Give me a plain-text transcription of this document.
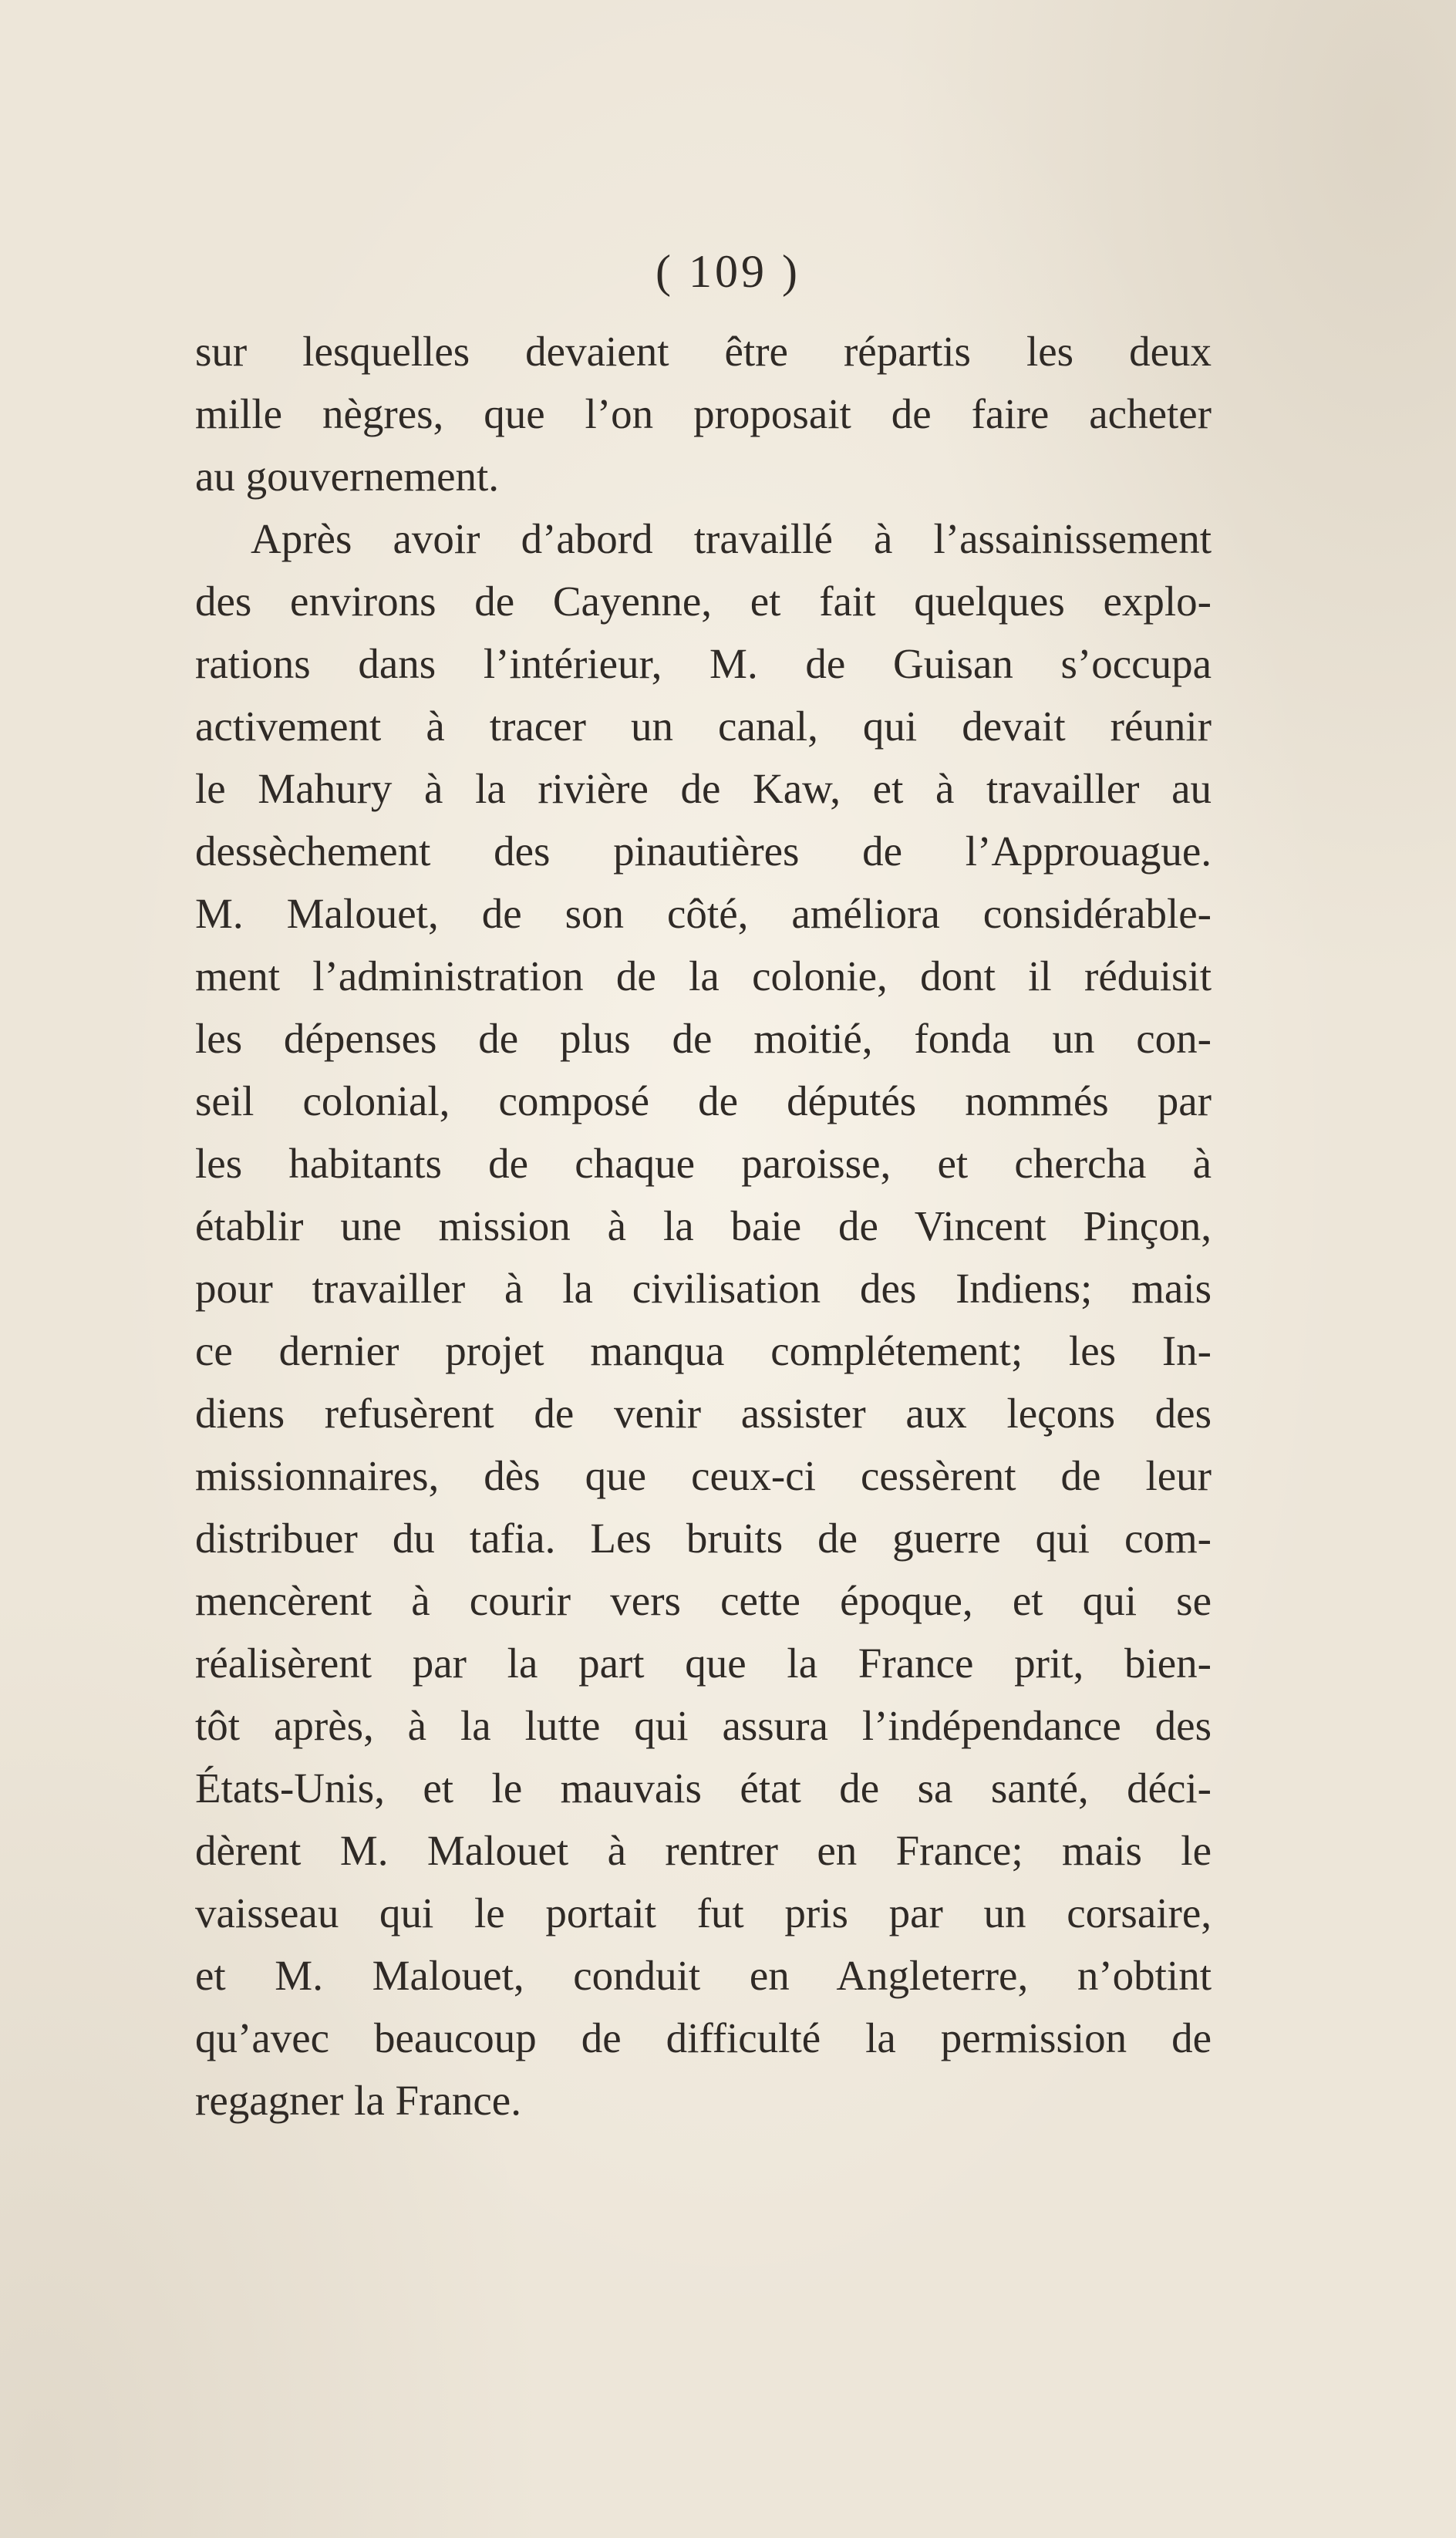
( 109 )
sur lesquelles devaient être répartis les deux
mille nègres, que l’on proposait de faire acheter
au gouvernement.
Après avoir d’abord travaillé à l’assainissement
des environs de Cayenne, et fait quelques explo-
rations dans l’intérieur, M. de Guisan s’occupa
activement à tracer un canal, qui devait réunir
le Mahury à la rivière de Kaw, et à travailler au
dessèchement des pinautières de l’Approuague.
M. Malouet, de son côté, améliora considérable-
ment l’administration de la colonie, dont il réduisit
les dépenses de plus de moitié, fonda un con-
seil colonial, composé de députés nommés par
les habitants de chaque paroisse, et chercha à
établir une mission à la baie de Vincent Pinçon,
pour travailler à la civilisation des Indiens; mais
ce dernier projet manqua complétement; les In-
diens refusèrent de venir assister aux leçons des
missionnaires, dès que ceux-ci cessèrent de leur
distribuer du tafia. Les bruits de guerre qui com-
mencèrent à courir vers cette époque, et qui se
réalisèrent par la part que la France prit, bien-
tôt après, à la lutte qui assura l’indépendance des
États-Unis, et le mauvais état de sa santé, déci-
dèrent M. Malouet à rentrer en France; mais le
vaisseau qui le portait fut pris par un corsaire,
et M. Malouet, conduit en Angleterre, n’obtint
qu’avec beaucoup de difficulté la permission de
regagner la France.
